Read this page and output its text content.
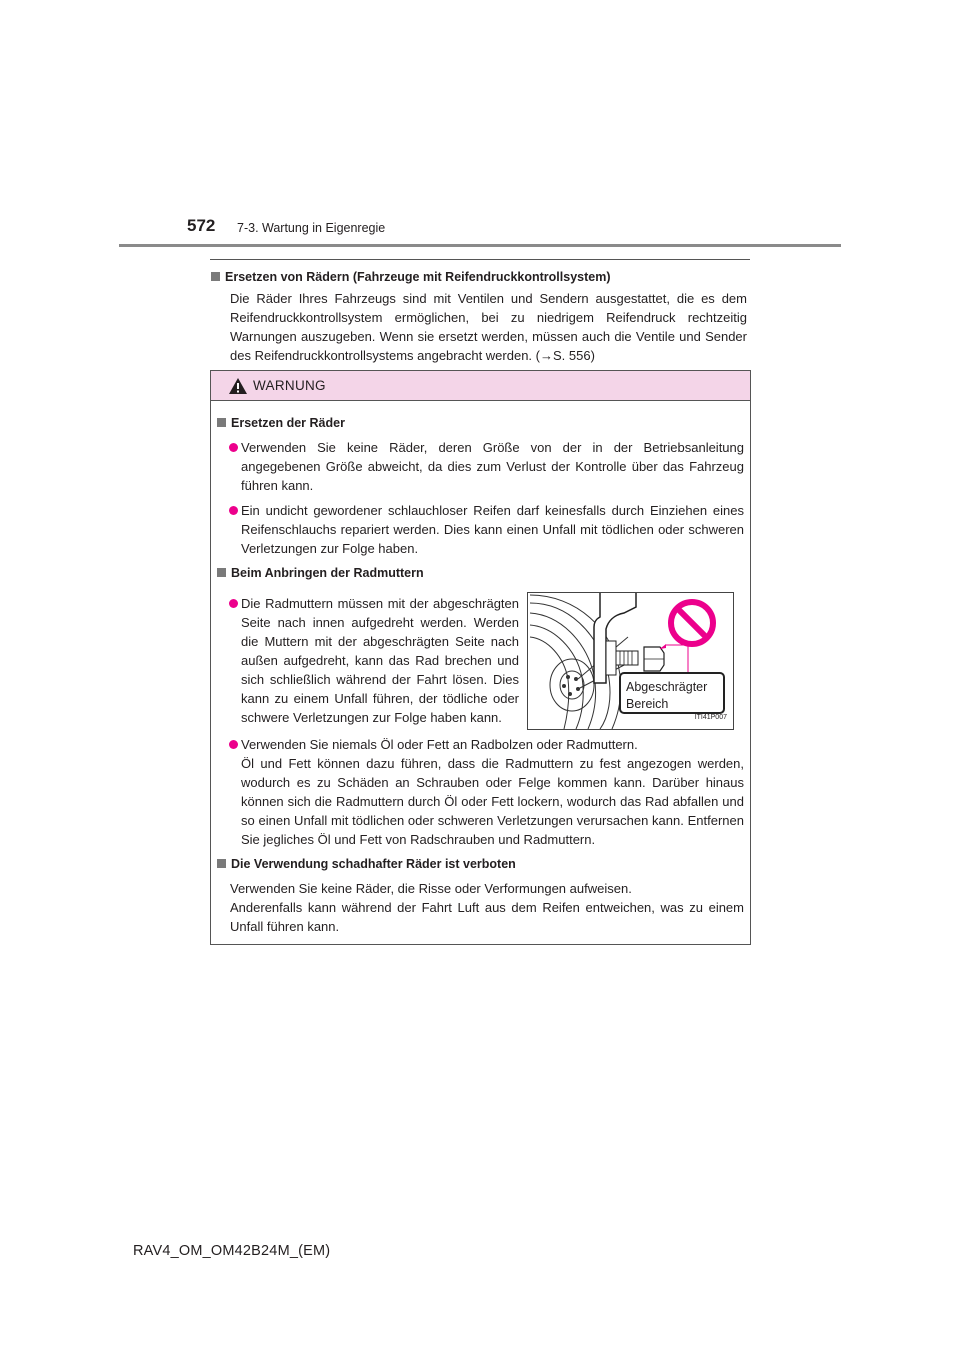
572 7-3. Wartung in Eigenregie
Ersetzen von Rädern (Fahrzeuge mit Reifendruckkontrollsystem)
Die Räder Ihres Fahrzeugs sind mit Ventilen und Sendern ausgestattet, die es dem Reifendruckkontrollsystem ermöglichen, bei zu niedrigem Reifendruck rechtzeitig Warnungen auszugeben. Wenn sie ersetzt werden, müssen auch die Ventile und Sender des Reifendruckkontrollsystems angebracht werden. (→S. 556)
WARNUNG
Ersetzen der Räder
Verwenden Sie keine Räder, deren Größe von der in der Betriebsanleitung angegebenen Größe abweicht, da dies zum Verlust der Kontrolle über das Fahrzeug führen kann.
Ein undicht gewordener schlauchloser Reifen darf keinesfalls durch Einziehen eines Reifenschlauchs repariert werden. Dies kann einen Unfall mit tödlichen oder schweren Verletzungen zur Folge haben.
Beim Anbringen der Radmuttern
Die Radmuttern müssen mit der abgeschrägten Seite nach innen aufgedreht werden. Werden die Muttern mit der abgeschrägten Seite nach außen aufgedreht, kann das Rad brechen und sich schließlich während der Fahrt lösen. Dies kann zu einem Unfall führen, der tödliche oder schwere Verletzungen zur Folge haben kann.
Abgeschrägter
Bereich
ITI41P007
Verwenden Sie niemals Öl oder Fett an Radbolzen oder Radmuttern.
Öl und Fett können dazu führen, dass die Radmuttern zu fest angezogen werden, wodurch es zu Schäden an Schrauben oder Felge kommen kann. Darüber hinaus können sich die Radmuttern durch Öl oder Fett lockern, wodurch das Rad abfallen und so einen Unfall mit tödlichen oder schweren Verletzungen verursachen kann. Entfernen Sie jegliches Öl und Fett von Radschrauben und Radmuttern.
Die Verwendung schadhafter Räder ist verboten
Verwenden Sie keine Räder, die Risse oder Verformungen aufweisen.
Anderenfalls kann während der Fahrt Luft aus dem Reifen entweichen, was zu einem Unfall führen kann.
RAV4_OM_OM42B24M_(EM)
